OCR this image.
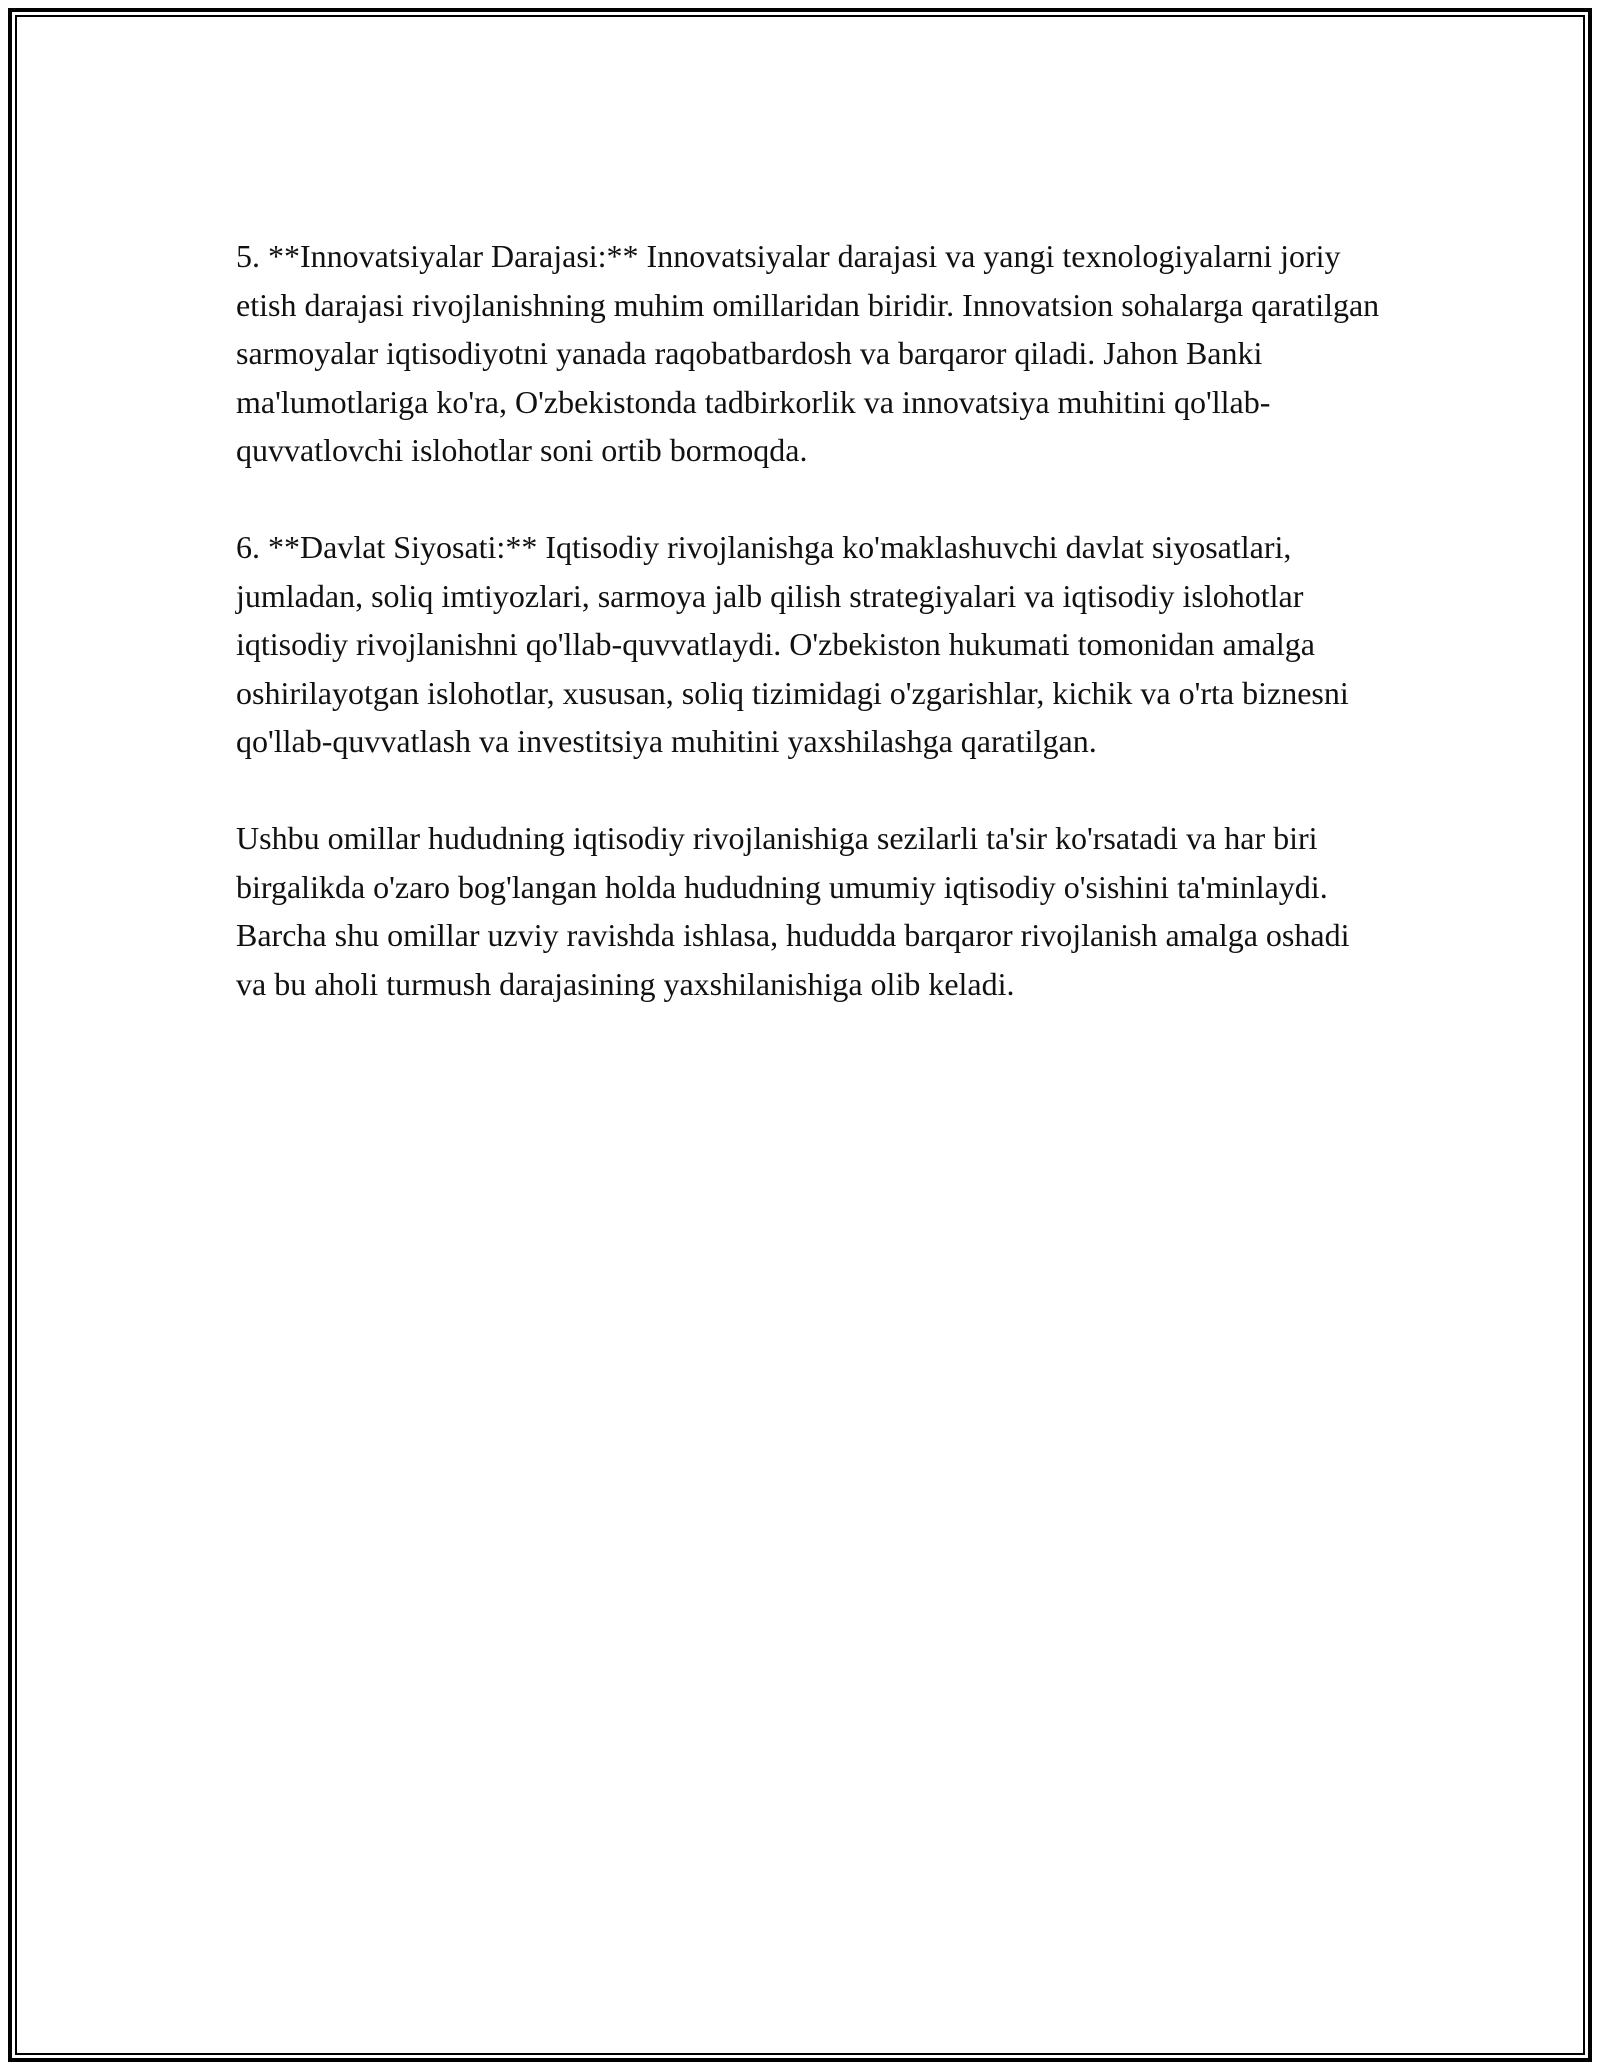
5. **Innovatsiyalar Darajasi:** Innovatsiyalar darajasi va yangi texnologiyalarni joriy etish darajasi rivojlanishning muhim omillaridan biridir. Innovatsion sohalarga qaratilgan sarmoyalar iqtisodiyotni yanada raqobatbardosh va barqaror qiladi. Jahon Banki ma'lumotlariga ko'ra, O'zbekistonda tadbirkorlik va innovatsiya muhitini qo'llab-quvvatlovchi islohotlar soni ortib bormoqda.

6. **Davlat Siyosati:** Iqtisodiy rivojlanishga ko'maklashuvchi davlat siyosatlari, jumladan, soliq imtiyozlari, sarmoya jalb qilish strategiyalari va iqtisodiy islohotlar iqtisodiy rivojlanishni qo'llab-quvvatlaydi. O'zbekiston hukumati tomonidan amalga oshirilayotgan islohotlar, xususan, soliq tizimidagi o'zgarishlar, kichik va o'rta biznesni qo'llab-quvvatlash va investitsiya muhitini yaxshilashga qaratilgan.

Ushbu omillar hududning iqtisodiy rivojlanishiga sezilarli ta'sir ko'rsatadi va har biri birgalikda o'zaro bog'langan holda hududning umumiy iqtisodiy o'sishini ta'minlaydi. Barcha shu omillar uzviy ravishda ishlasa, hududda barqaror rivojlanish amalga oshadi va bu aholi turmush darajasining yaxshilanishiga olib keladi.
